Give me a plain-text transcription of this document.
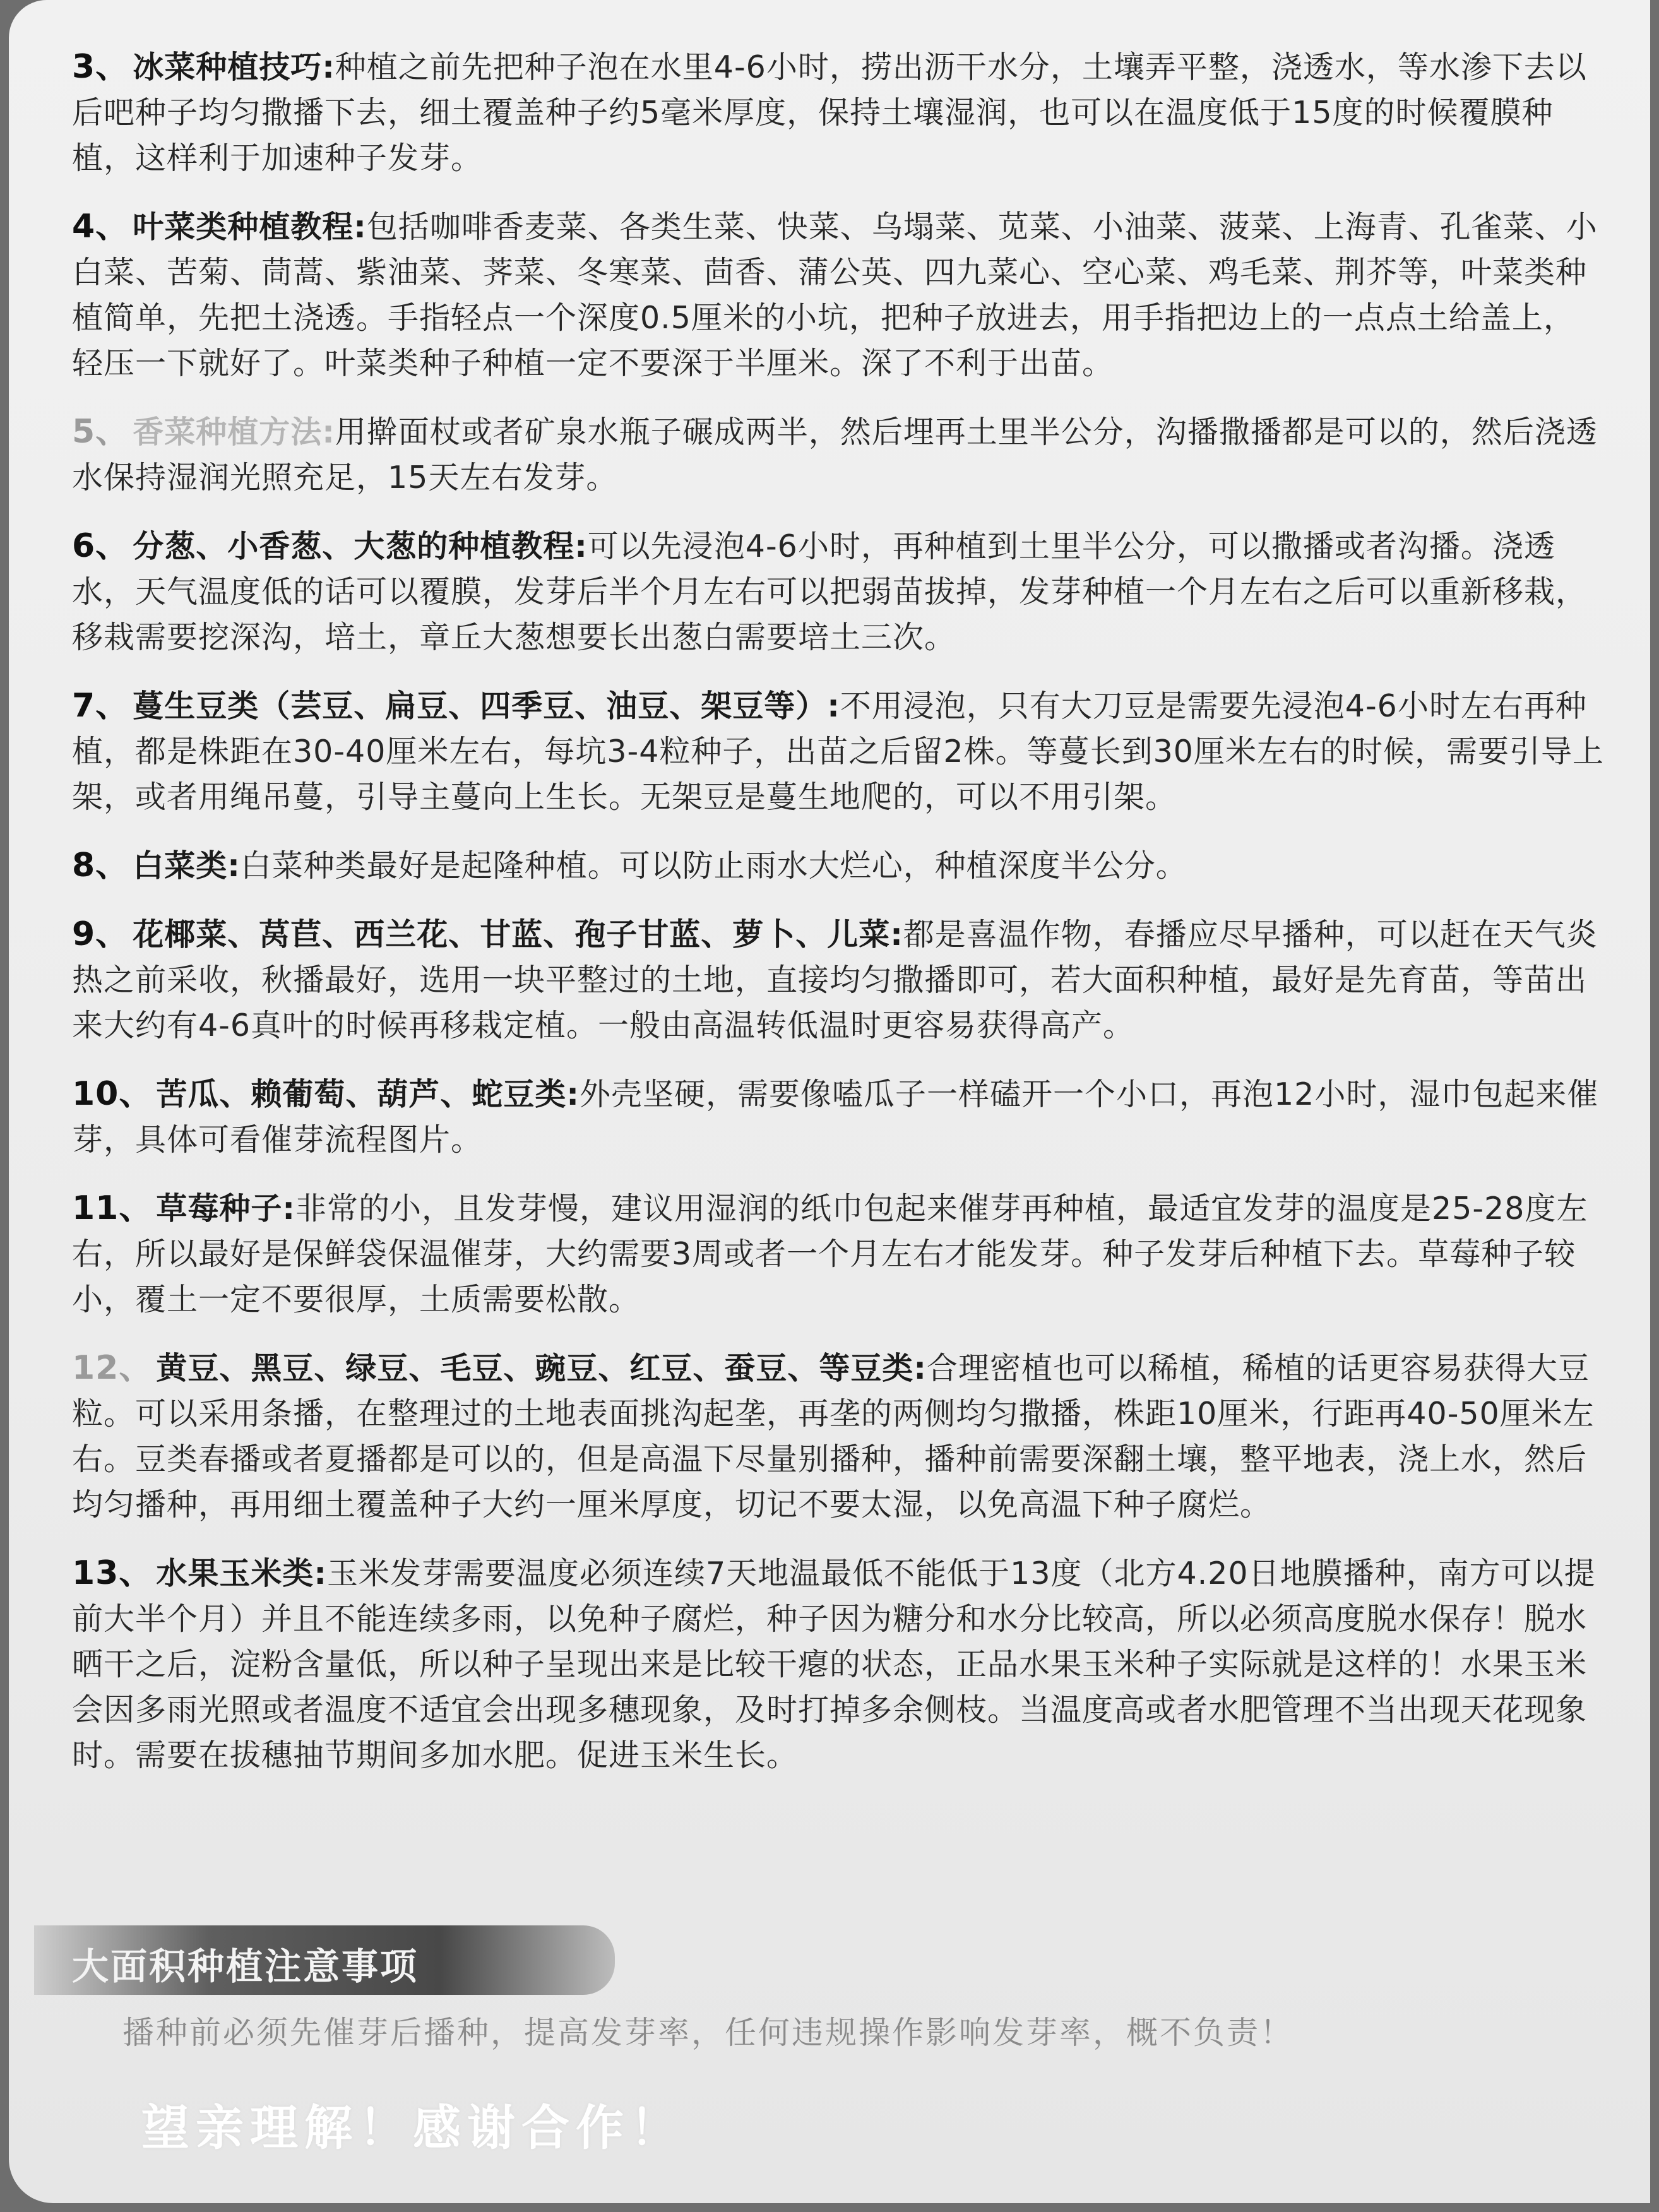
3、 冰菜种植技巧:种植之前先把种子泡在水里4-6小时，捞出沥干水分，土壤弄平整，浇透水，等水渗下去以后吧种子均匀撒播下去，细土覆盖种子约5毫米厚度，保持土壤湿润，也可以在温度低于15度的时候覆膜种植，这样利于加速种子发芽。

4、 叶菜类种植教程:包括咖啡香麦菜、各类生菜、快菜、乌塌菜、苋菜、小油菜、菠菜、上海青、孔雀菜、小白菜、苦菊、茼蒿、紫油菜、荠菜、冬寒菜、茴香、蒲公英、四九菜心、空心菜、鸡毛菜、荆芥等，叶菜类种植简单，先把土浇透。手指轻点一个深度0.5厘米的小坑，把种子放进去，用手指把边上的一点点土给盖上，轻压一下就好了。叶菜类种子种植一定不要深于半厘米。深了不利于出苗。

5、 香菜种植方法:用擀面杖或者矿泉水瓶子碾成两半，然后埋再土里半公分，沟播撒播都是可以的，然后浇透水保持湿润光照充足，15天左右发芽。

6、 分葱、小香葱、大葱的种植教程:可以先浸泡4-6小时，再种植到土里半公分，可以撒播或者沟播。浇透水，天气温度低的话可以覆膜，发芽后半个月左右可以把弱苗拔掉，发芽种植一个月左右之后可以重新移栽，移栽需要挖深沟，培土，章丘大葱想要长出葱白需要培土三次。

7、 蔓生豆类（芸豆、扁豆、四季豆、油豆、架豆等）:不用浸泡，只有大刀豆是需要先浸泡4-6小时左右再种植，都是株距在30-40厘米左右，每坑3-4粒种子，出苗之后留2株。等蔓长到30厘米左右的时候，需要引导上架，或者用绳吊蔓，引导主蔓向上生长。无架豆是蔓生地爬的，可以不用引架。

8、 白菜类:白菜种类最好是起隆种植。可以防止雨水大烂心，种植深度半公分。

9、 花椰菜、莴苣、西兰花、甘蓝、孢子甘蓝、萝卜、儿菜:都是喜温作物，春播应尽早播种，可以赶在天气炎热之前采收，秋播最好，选用一块平整过的土地，直接均匀撒播即可，若大面积种植，最好是先育苗，等苗出来大约有4-6真叶的时候再移栽定植。一般由高温转低温时更容易获得高产。

10、 苦瓜、赖葡萄、葫芦、蛇豆类:外壳坚硬，需要像嗑瓜子一样磕开一个小口，再泡12小时，湿巾包起来催芽，具体可看催芽流程图片。

11、 草莓种子:非常的小，且发芽慢，建议用湿润的纸巾包起来催芽再种植，最适宜发芽的温度是25-28度左右，所以最好是保鲜袋保温催芽，大约需要3周或者一个月左右才能发芽。种子发芽后种植下去。草莓种子较小，覆土一定不要很厚，土质需要松散。

12、 黄豆、黑豆、绿豆、毛豆、豌豆、红豆、蚕豆、等豆类:合理密植也可以稀植，稀植的话更容易获得大豆粒。可以采用条播，在整理过的土地表面挑沟起垄，再垄的两侧均匀撒播，株距10厘米，行距再40-50厘米左右。豆类春播或者夏播都是可以的，但是高温下尽量别播种，播种前需要深翻土壤，整平地表，浇上水，然后均匀播种，再用细土覆盖种子大约一厘米厚度，切记不要太湿，以免高温下种子腐烂。

13、 水果玉米类:玉米发芽需要温度必须连续7天地温最低不能低于13度（北方4.20日地膜播种，南方可以提前大半个月）并且不能连续多雨，以免种子腐烂，种子因为糖分和水分比较高，所以必须高度脱水保存！脱水晒干之后，淀粉含量低，所以种子呈现出来是比较干瘪的状态，正品水果玉米种子实际就是这样的！水果玉米会因多雨光照或者温度不适宜会出现多穗现象，及时打掉多余侧枝。当温度高或者水肥管理不当出现天花现象时。需要在拔穗抽节期间多加水肥。促进玉米生长。

大面积种植注意事项
播种前必须先催芽后播种，提高发芽率，任何违规操作影响发芽率，概不负责！
望亲理解！感谢合作！
